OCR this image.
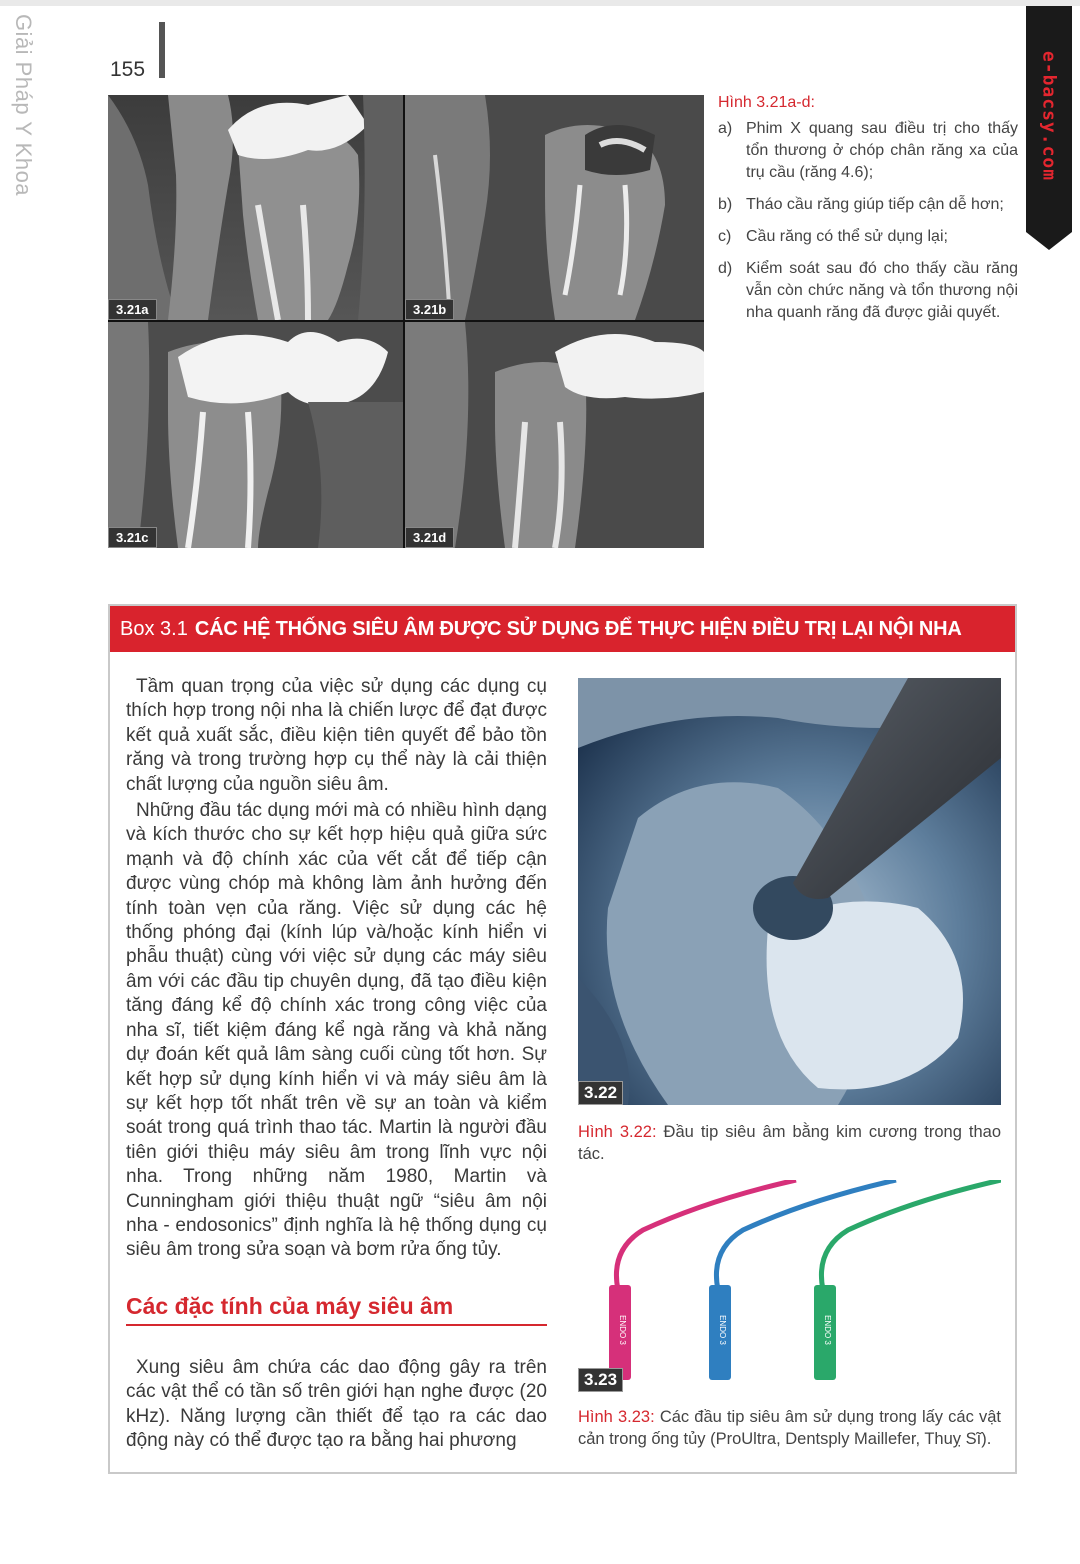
Giải Pháp Y Khoa	155	e-bacsy.com
3.21a	3.21b
3.21c	3.21d
Hình 3.21a-d:
a) Phim X quang sau điều trị cho thấy tổn thương ở chóp chân răng xa của trụ cầu (răng 4.6);
b) Tháo cầu răng giúp tiếp cận dễ hơn;
c) Cầu răng có thể sử dụng lại;
d) Kiểm soát sau đó cho thấy cầu răng vẫn còn chức năng và tổn thương nội nha quanh răng đã được giải quyết.
Box 3.1 CÁC HỆ THỐNG SIÊU ÂM ĐƯỢC SỬ DỤNG ĐỂ THỰC HIỆN ĐIỀU TRỊ LẠI NỘI NHA

Tầm quan trọng của việc sử dụng các dụng cụ thích hợp trong nội nha là chiến lược để đạt được kết quả xuất sắc, điều kiện tiên quyết để bảo tồn răng và trong trường hợp cụ thể này là cải thiện chất lượng của nguồn siêu âm.

Những đầu tác dụng mới mà có nhiều hình dạng và kích thước cho sự kết hợp hiệu quả giữa sức mạnh và độ chính xác của vết cắt để tiếp cận được vùng chóp mà không làm ảnh hưởng đến tính toàn vẹn của răng. Việc sử dụng các hệ thống phóng đại (kính lúp và/hoặc kính hiển vi phẫu thuật) cùng với việc sử dụng các máy siêu âm với các đầu tip chuyên dụng, đã tạo điều kiện tăng đáng kể độ chính xác trong công việc của nha sĩ, tiết kiệm đáng kể ngà răng và khả năng dự đoán kết quả lâm sàng cuối cùng tốt hơn. Sự kết hợp sử dụng kính hiển vi và máy siêu âm là sự kết hợp tốt nhất trên về sự an toàn và kiểm soát trong quá trình thao tác. Martin là người đầu tiên giới thiệu máy siêu âm trong lĩnh vực nội nha. Trong những năm 1980, Martin và Cunningham giới thiệu thuật ngữ “siêu âm nội nha - endosonics” định nghĩa là hệ thống dụng cụ siêu âm trong sửa soạn và bơm rửa ống tủy.

Các đặc tính của máy siêu âm

Xung siêu âm chứa các dao động gây ra trên các vật thể có tần số trên giới hạn nghe được (20 kHz). Năng lượng cần thiết để tạo ra các dao động này có thể được tạo ra bằng hai phương

3.22
Hình 3.22: Đầu tip siêu âm bằng kim cương trong thao tác.
ENDO 3	ENDO 3	ENDO 3
3.23
Hình 3.23: Các đầu tip siêu âm sử dụng trong lấy các vật cản trong ống tủy (ProUltra, Dentsply Maillefer, Thuỵ Sĩ).
